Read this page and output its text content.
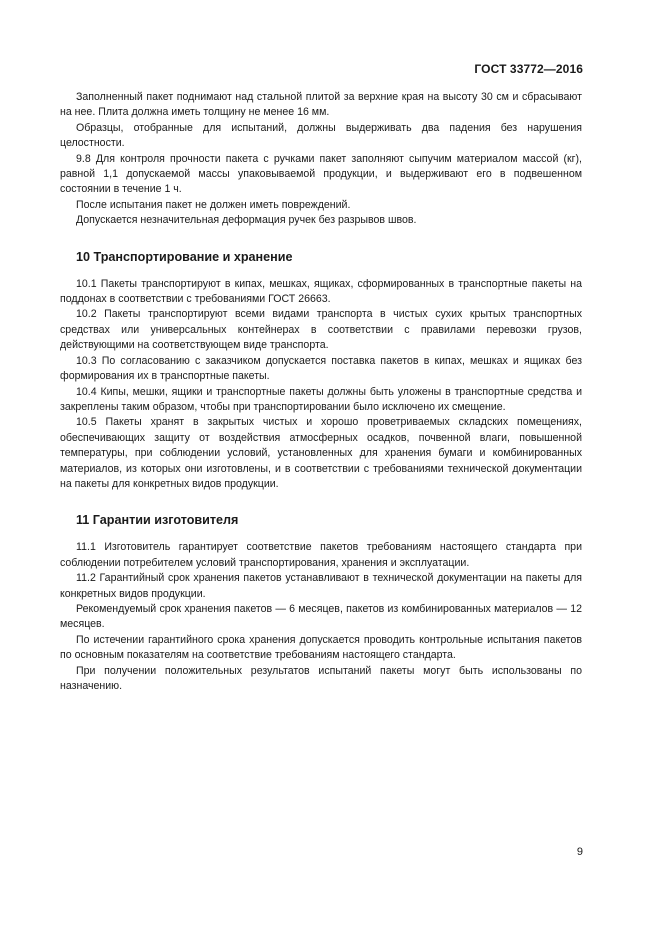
ГОСТ 33772—2016

Заполненный пакет поднимают над стальной плитой за верхние края на высоту 30 см и сбрасывают на нее. Плита должна иметь толщину не менее 16 мм.

Образцы, отобранные для испытаний, должны выдерживать два падения без нарушения целостности.

9.8 Для контроля прочности пакета с ручками пакет заполняют сыпучим материалом массой (кг), равной 1,1 допускаемой массы упаковываемой продукции, и выдерживают его в подвешенном состоянии в течение 1 ч.

После испытания пакет не должен иметь повреждений.

Допускается незначительная деформация ручек без разрывов швов.

10 Транспортирование и хранение

10.1 Пакеты транспортируют в кипах, мешках, ящиках, сформированных в транспортные пакеты на поддонах в соответствии с требованиями ГОСТ 26663.

10.2 Пакеты транспортируют всеми видами транспорта в чистых сухих крытых транспортных средствах или универсальных контейнерах в соответствии с правилами перевозки грузов, действующими на соответствующем виде транспорта.

10.3 По согласованию с заказчиком допускается поставка пакетов в кипах, мешках и ящиках без формирования их в транспортные пакеты.

10.4 Кипы, мешки, ящики и транспортные пакеты должны быть уложены в транспортные средства и закреплены таким образом, чтобы при транспортировании было исключено их смещение.

10.5 Пакеты хранят в закрытых чистых и хорошо проветриваемых складских помещениях, обеспечивающих защиту от воздействия атмосферных осадков, почвенной влаги, повышенной температуры, при соблюдении условий, установленных для хранения бумаги и комбинированных материалов, из которых они изготовлены, и в соответствии с требованиями технической документации на пакеты для конкретных видов продукции.

11 Гарантии изготовителя

11.1 Изготовитель гарантирует соответствие пакетов требованиям настоящего стандарта при соблюдении потребителем условий транспортирования, хранения и эксплуатации.

11.2 Гарантийный срок хранения пакетов устанавливают в технической документации на пакеты для конкретных видов продукции.

Рекомендуемый срок хранения пакетов — 6 месяцев, пакетов из комбинированных материалов — 12 месяцев.

По истечении гарантийного срока хранения допускается проводить контрольные испытания пакетов по основным показателям на соответствие требованиям настоящего стандарта.

При получении положительных результатов испытаний пакеты могут быть использованы по назначению.

9
